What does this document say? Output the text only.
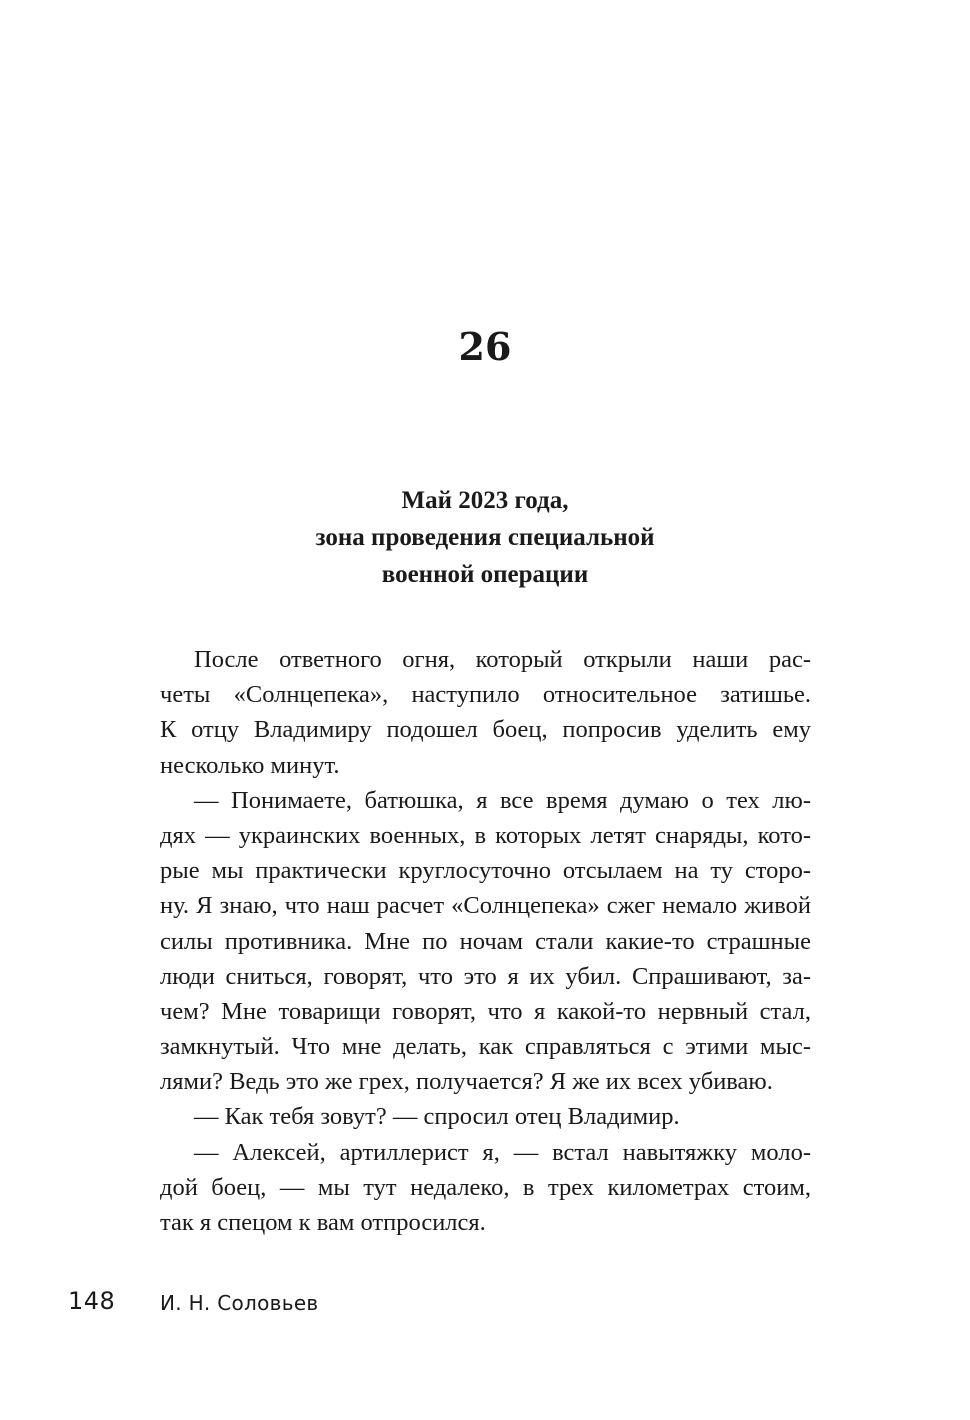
26
Май 2023 года,
зона проведения специальной
военной операции
После ответного огня, который открыли наши рас-
четы «Солнцепека», наступило относительное затишье.
К отцу Владимиру подошел боец, попросив уделить ему
несколько минут.
— Понимаете, батюшка, я все время думаю о тех лю-
дях — украинских военных, в которых летят снаряды, кото-
рые мы практически круглосуточно отсылаем на ту сторо-
ну. Я знаю, что наш расчет «Солнцепека» сжег немало живой
силы противника. Мне по ночам стали какие-то страшные
люди сниться, говорят, что это я их убил. Спрашивают, за-
чем? Мне товарищи говорят, что я какой-то нервный стал,
замкнутый. Что мне делать, как справляться с этими мыс-
лями? Ведь это же грех, получается? Я же их всех убиваю.
— Как тебя зовут? — спросил отец Владимир.
— Алексей, артиллерист я, — встал навытяжку моло-
дой боец, — мы тут недалеко, в трех километрах стоим,
так я спецом к вам отпросился.
148 И. Н. Соловьев
